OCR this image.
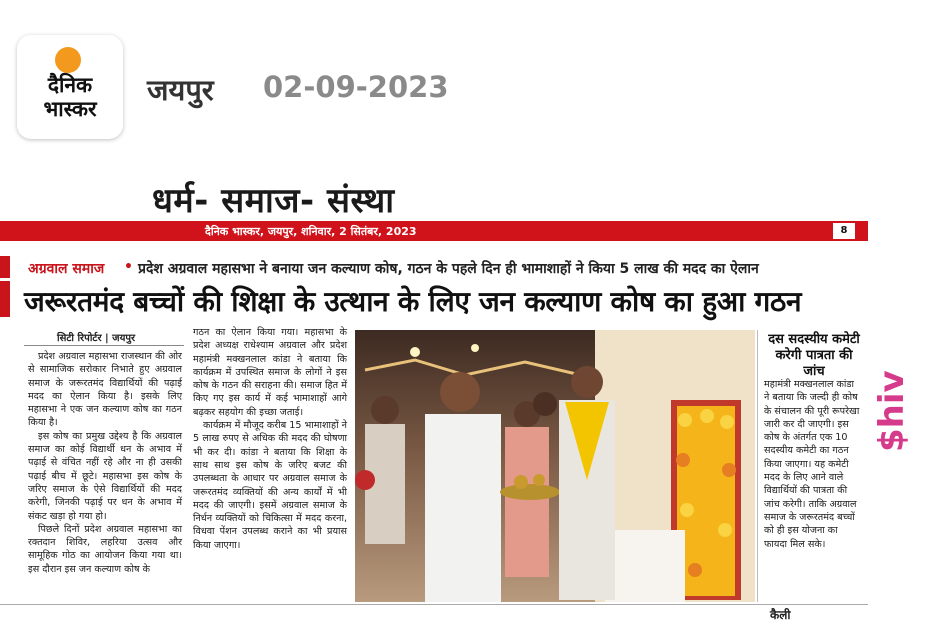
दैनिक
भास्कर
जयपुर 02-09-2023
धर्म- समाज- संस्था
दैनिक भास्कर, जयपुर, शनिवार, 2 सितंबर, 2023	8
अग्रवाल समाज • प्रदेश अग्रवाल महासभा ने बनाया जन कल्याण कोष, गठन के पहले दिन ही भामाशाहों ने किया 5 लाख की मदद का ऐलान
जरूरतमंद बच्चों की शिक्षा के उत्थान के लिए जन कल्याण कोष का हुआ गठन
सिटी रिपोर्टर | जयपुर

प्रदेश अग्रवाल महासभा राजस्थान की ओर से सामाजिक सरोकार निभाते हुए अग्रवाल समाज के जरूरतमंद विद्यार्थियों की पढ़ाई मदद का ऐलान किया है। इसके लिए महासभा ने एक जन कल्याण कोष का गठन किया है।

इस कोष का प्रमुख उद्देश्य है कि अग्रवाल समाज का कोई विद्यार्थी धन के अभाव में पढ़ाई से वंचित नहीं रहे और ना ही उसकी पढ़ाई बीच में छूटे। महासभा इस कोष के जरिए समाज के ऐसे विद्यार्थियों की मदद करेगी, जिनकी पढ़ाई पर धन के अभाव में संकट खड़ा हो गया हो।

पिछले दिनों प्रदेश अग्रवाल महासभा का रक्तदान शिविर, लहरिया उत्सव और सामूहिक गोठ का आयोजन किया गया था। इस दौरान इस जन कल्याण कोष के

गठन का ऐलान किया गया। महासभा के प्रदेश अध्यक्ष राधेश्याम अग्रवाल और प्रदेश महामंत्री मक्खनलाल कांडा ने बताया कि कार्यक्रम में उपस्थित समाज के लोगों ने इस कोष के गठन की सराहना की। समाज हित में किए गए इस कार्य में कई भामाशाहों आगे बढ़कर सहयोग की इच्छा जताई।

कार्यक्रम में मौजूद करीब 15 भामाशाहों ने 5 लाख रुपए से अधिक की मदद की घोषणा भी कर दी। कांडा ने बताया कि शिक्षा के साथ साथ इस कोष के जरिए बजट की उपलब्धता के आधार पर अग्रवाल समाज के जरूरतमंद व्यक्तियों की अन्य कार्यों में भी मदद की जाएगी। इसमें अग्रवाल समाज के निर्धन व्यक्तियों को चिकित्सा में मदद करना, विधवा पेंशन उपलब्ध कराने का भी प्रयास किया जाएगा।

दस सदस्यीय कमेटी करेगी पात्रता की जांच
महामंत्री मक्खनलाल कांडा ने बताया कि जल्दी ही कोष के संचालन की पूरी रूपरेखा जारी कर दी जाएगी। इस कोष के अंतर्गत एक 10 सदस्यीय कमेटी का गठन किया जाएगा। यह कमेटी मदद के लिए आने वाले विद्यार्थियों की पात्रता की जांच करेगी। ताकि अग्रवाल समाज के जरूरतमंद बच्चों को ही इस योजना का फायदा मिल सके।
कैली
$hiv
